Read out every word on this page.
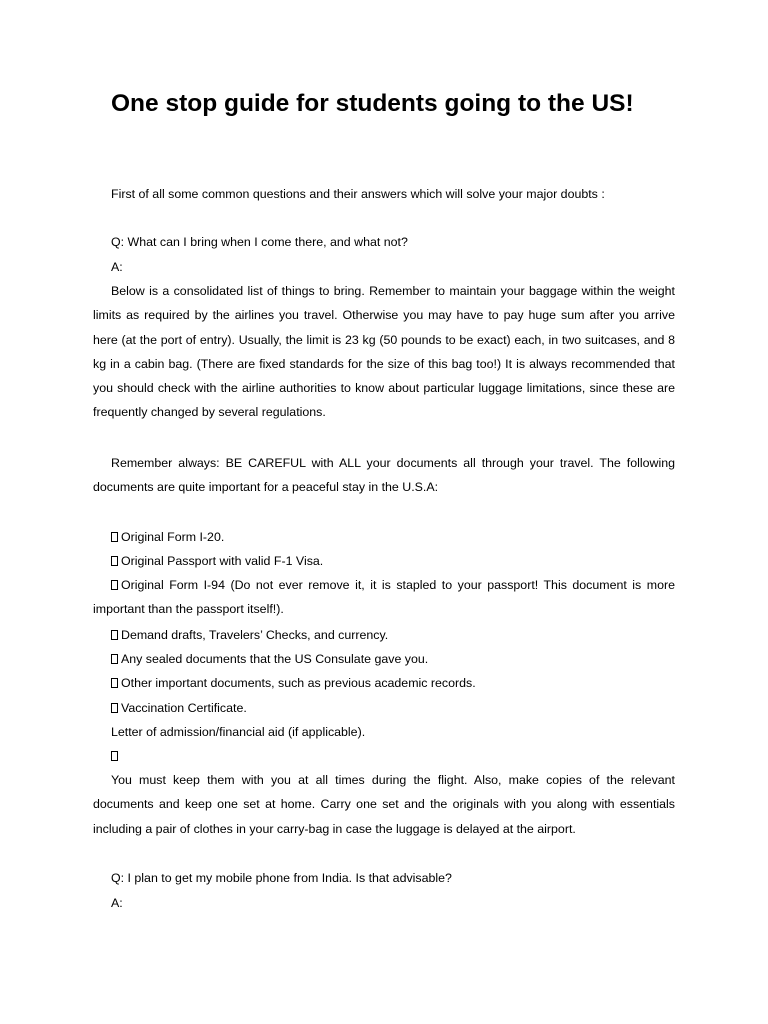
One stop guide for students going to the US!

First of all some common questions and their answers which will solve your major doubts :

Q: What can I bring when I come there, and what not?

A:

Below is a consolidated list of things to bring. Remember to maintain your baggage within the weight limits as required by the airlines you travel. Otherwise you may have to pay huge sum after you arrive here (at the port of entry). Usually, the limit is 23 kg (50 pounds to be exact) each, in two suitcases, and 8 kg in a cabin bag. (There are fixed standards for the size of this bag too!) It is always recommended that you should check with the airline authorities to know about particular luggage limitations, since these are frequently changed by several regulations.

Remember always: BE CAREFUL with ALL your documents all through your travel. The following documents are quite important for a peaceful stay in the U.S.A:

Original Form I-20.

Original Passport with valid F-1 Visa.

Original Form I-94 (Do not ever remove it, it is stapled to your passport! This document is more important than the passport itself!).

Demand drafts, Travelers’ Checks, and currency.

Any sealed documents that the US Consulate gave you.

Other important documents, such as previous academic records.

Vaccination Certificate.

Letter of admission/financial aid (if applicable).

You must keep them with you at all times during the flight. Also, make copies of the relevant documents and keep one set at home. Carry one set and the originals with you along with essentials including a pair of clothes in your carry-bag in case the luggage is delayed at the airport.

Q: I plan to get my mobile phone from India. Is that advisable?

A:
